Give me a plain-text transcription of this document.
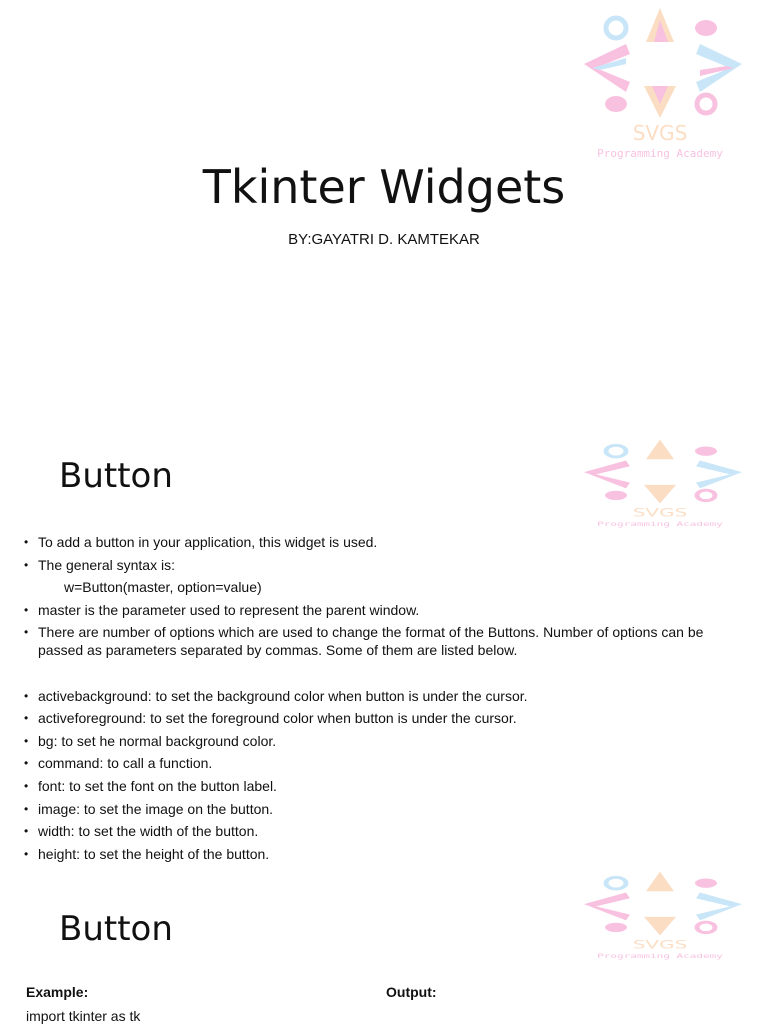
SVGS
Programming Academy
Tkinter Widgets
BY:GAYATRI D. KAMTEKAR
SVGS
Programming Academy
Button
• To add a button in your application, this widget is used.
• The general syntax is:
w=Button(master, option=value)
• master is the parameter used to represent the parent window.
• There are number of options which are used to change the format of the Buttons. Number of options can be passed as parameters separated by commas. Some of them are listed below.
• activebackground: to set the background color when button is under the cursor.
• activeforeground: to set the foreground color when button is under the cursor.
• bg: to set he normal background color.
• command: to call a function.
• font: to set the font on the button label.
• image: to set the image on the button.
• width: to set the width of the button.
• height: to set the height of the button.
SVGS
Programming Academy
Button
Example:	Output:
import tkinter as tk
